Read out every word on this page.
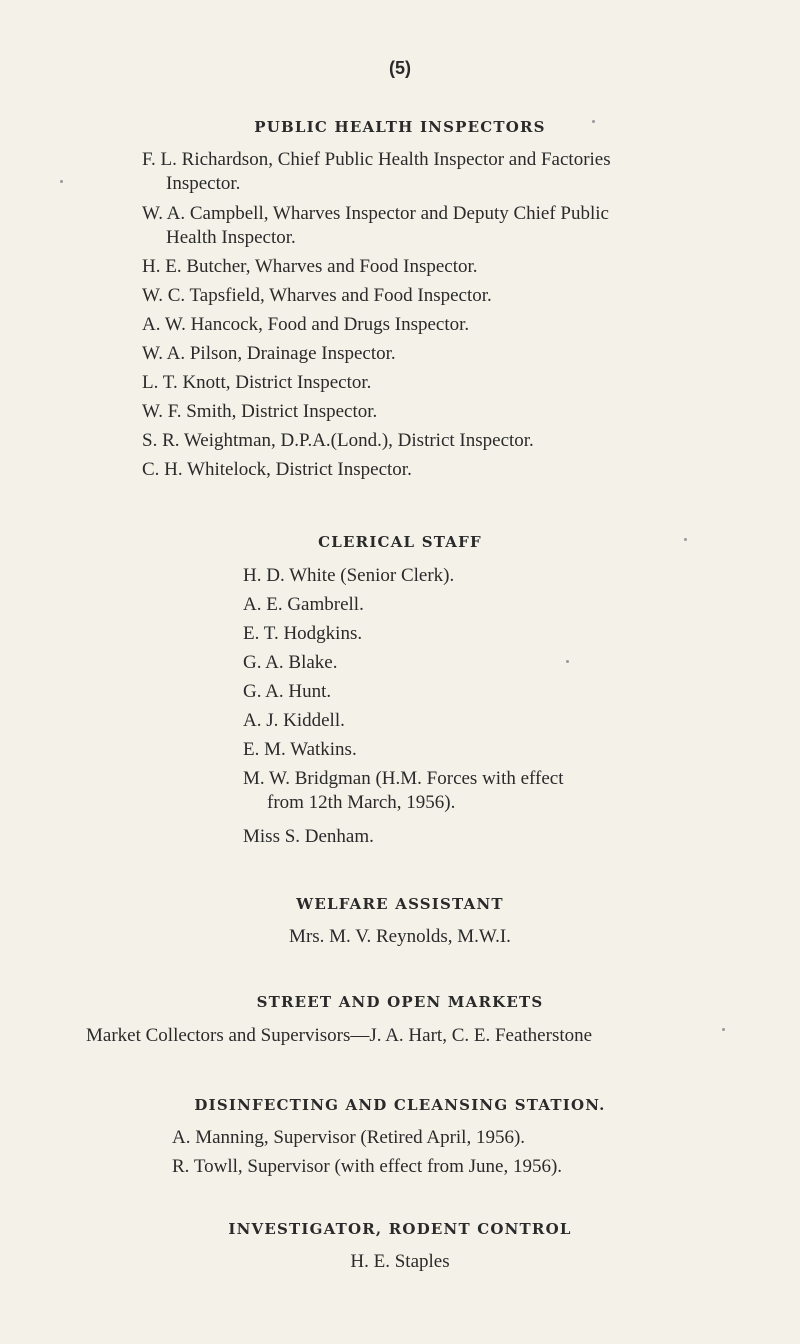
(5)
PUBLIC HEALTH INSPECTORS
F. L. Richardson, Chief Public Health Inspector and Factories
Inspector.
W. A. Campbell, Wharves Inspector and Deputy Chief Public
Health Inspector.
H. E. Butcher, Wharves and Food Inspector.
W. C. Tapsfield, Wharves and Food Inspector.
A. W. Hancock, Food and Drugs Inspector.
W. A. Pilson, Drainage Inspector.
L. T. Knott, District Inspector.
W. F. Smith, District Inspector.
S. R. Weightman, D.P.A.(Lond.), District Inspector.
C. H. Whitelock, District Inspector.
CLERICAL STAFF
H. D. White (Senior Clerk).
A. E. Gambrell.
E. T. Hodgkins.
G. A. Blake.
G. A. Hunt.
A. J. Kiddell.
E. M. Watkins.
M. W. Bridgman (H.M. Forces with effect
from 12th March, 1956).
Miss S. Denham.
WELFARE ASSISTANT
Mrs. M. V. Reynolds, M.W.I.
STREET AND OPEN MARKETS
Market Collectors and Supervisors—J. A. Hart, C. E. Featherstone
DISINFECTING AND CLEANSING STATION.
A. Manning, Supervisor (Retired April, 1956).
R. Towll, Supervisor (with effect from June, 1956).
INVESTIGATOR, RODENT CONTROL
H. E. Staples
